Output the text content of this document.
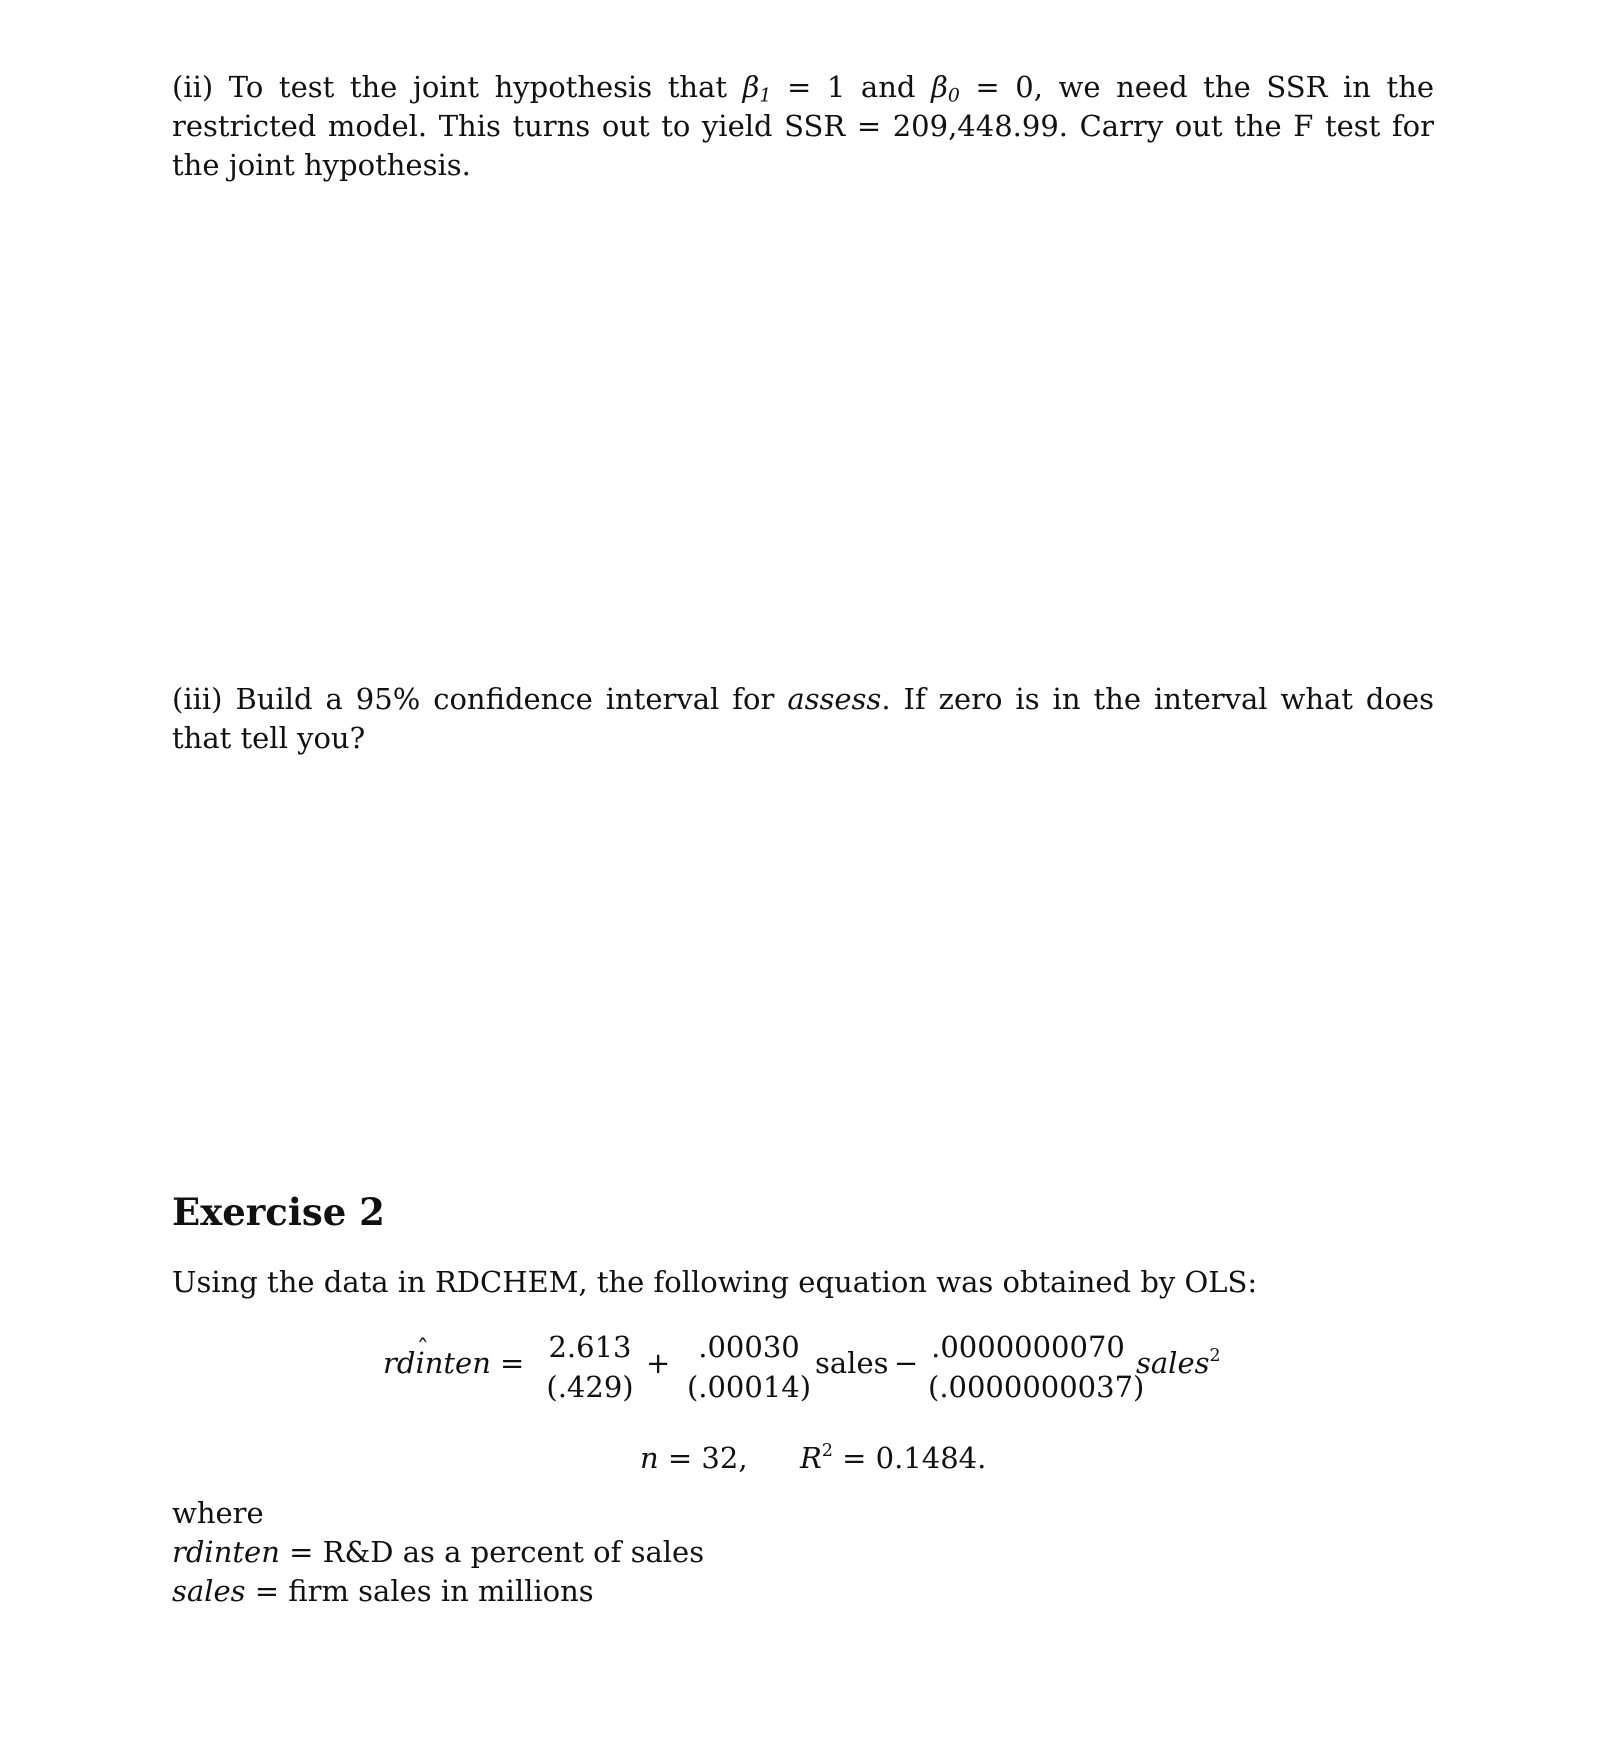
(ii) To test the joint hypothesis that $\beta_1 = 1$ and $\beta_0 = 0$, we need the SSR in the restricted model. This turns out to yield SSR = 209,448.99. Carry out the F test for the joint hypothesis.
(iii) Build a 95% confidence interval for assess. If zero is in the interval what does that tell you?
Exercise 2
Using the data in RDCHEM, the following equation was obtained by OLS:
rdˆ inten = 2.613
(.429)
+ .00030
(.00014)
sales − .0000000070
(.0000000037)
sales$^2$
n = 32, $R^2 = 0.1484$.
where
rdinten = R&D as a percent of sales
sales = firm sales in millions
